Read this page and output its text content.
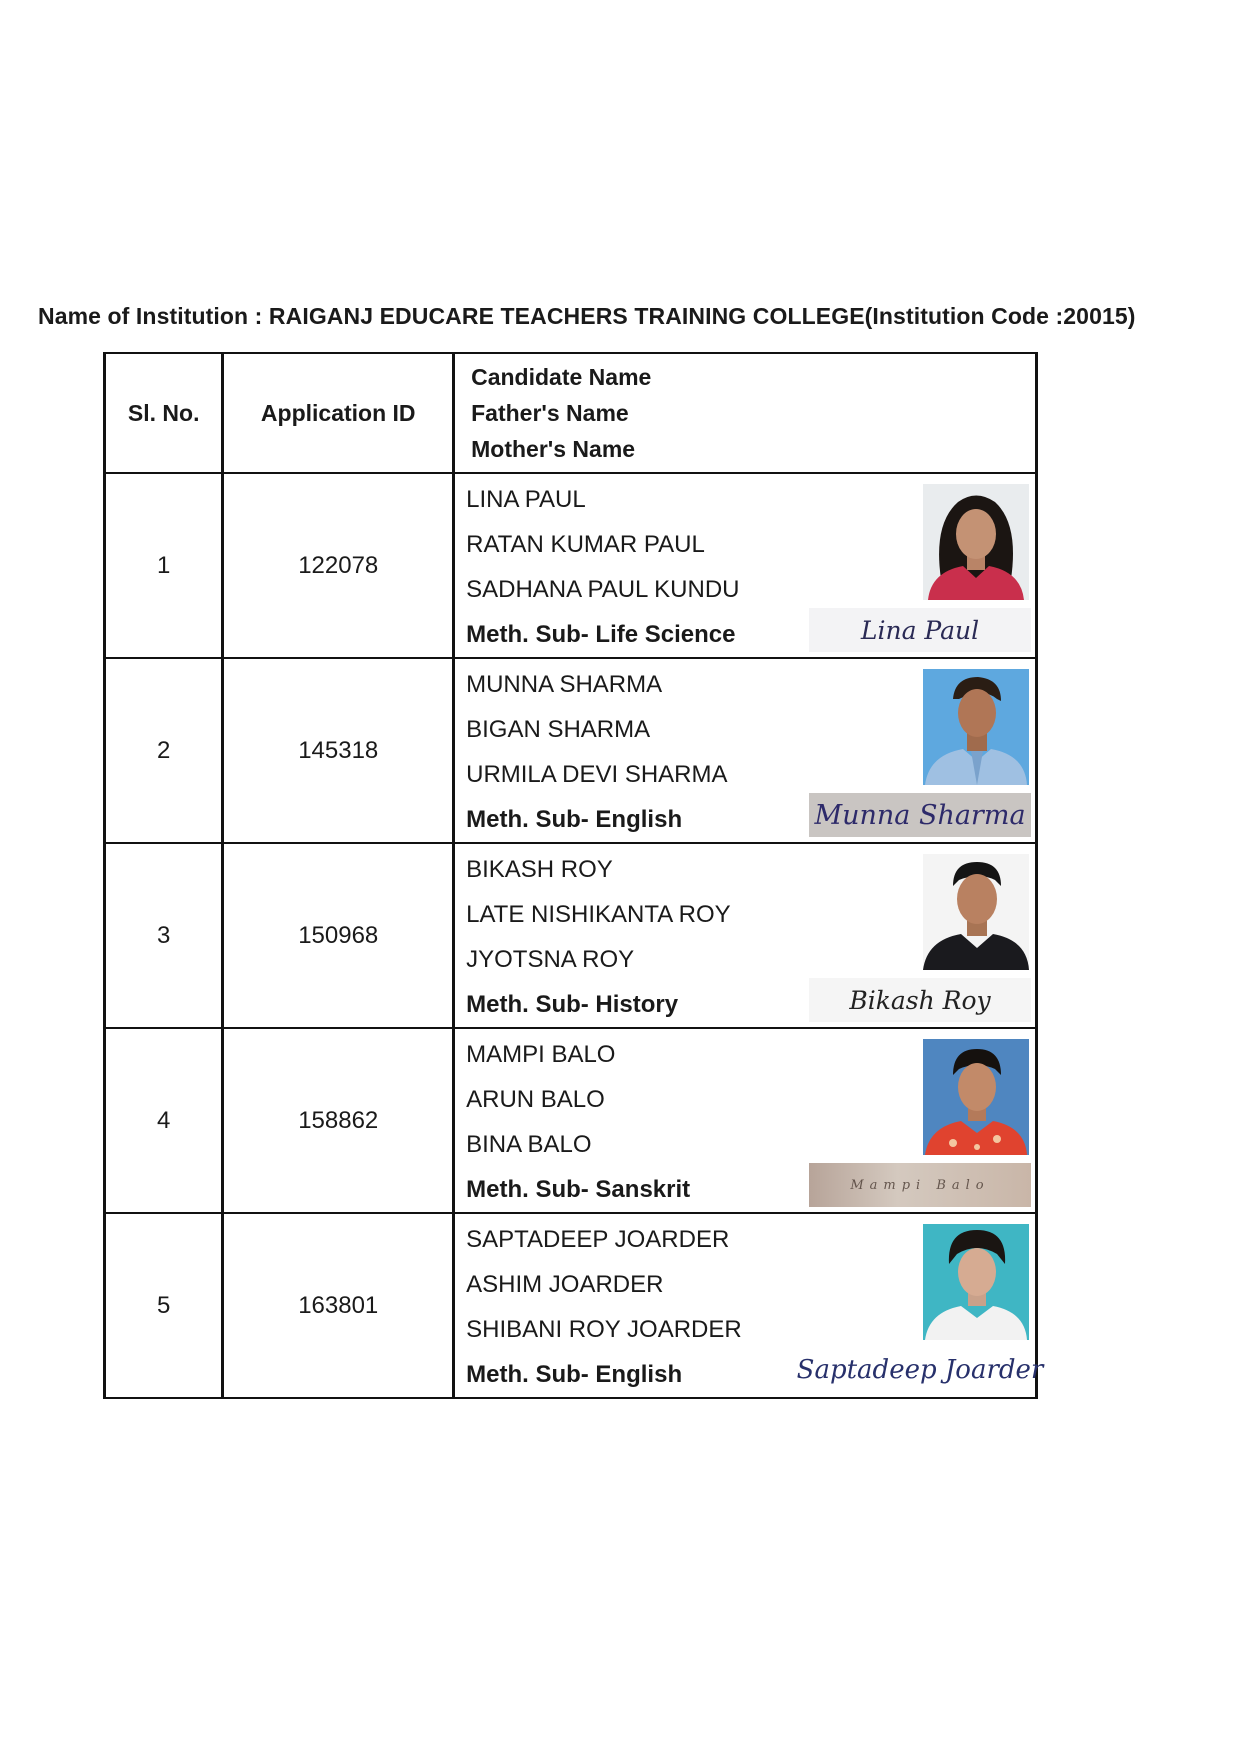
Name of Institution : RAIGANJ EDUCARE TEACHERS TRAINING COLLEGE(Institution Code :20015)
Sl. No.	Application ID	Candidate Name
Father's Name
Mother's Name

1	122078	LINA PAUL
RATAN KUMAR PAUL
SADHANA PAUL KUNDU
Meth. Sub- Life Science Lina Paul

2	145318	MUNNA SHARMA
BIGAN SHARMA
URMILA DEVI SHARMA
Meth. Sub- English Munna Sharma

3	150968	BIKASH ROY
LATE NISHIKANTA ROY
JYOTSNA ROY
Meth. Sub- History Bikash Roy

4	158862	MAMPI BALO
ARUN BALO
BINA BALO
Meth. Sub- Sanskrit Mampi Balo

5	163801	SAPTADEEP JOARDER
ASHIM JOARDER
SHIBANI ROY JOARDER
Meth. Sub- English Saptadeep Joarder
